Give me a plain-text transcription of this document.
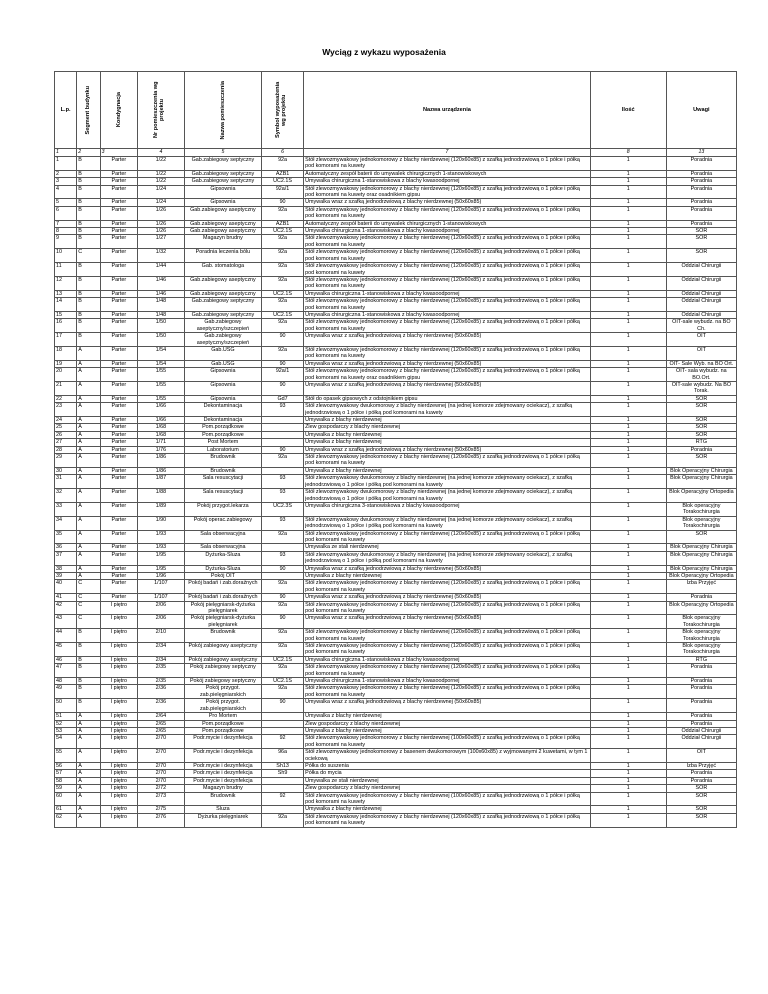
Wyciąg z wykazu wyposażenia
L.p.	Segment budynku	Kondygnacja	Nr pomieszczenia wg projektu	Nazwa pomieszczenia	Symbol wyposażenia wg projektu	Nazwa urządzenia	Ilość	Uwagi
1	2	3	4	5	6	7	8	13
1	B	Parter	1/22	Gab.zabiegowy septyczny	92a	Stół zlewozmywakowy jednokomorowy z blachy nierdzewnej (120x60x85) z szafką jednodrzwiową o 1 półce i półką pod komorami na kuwety	1	Poradnia
2	B	Parter	1/22	Gab.zabiegowy septyczny	AZB1	Automatyczny zespół baterii do umywalek chirurgicznych 1-stanowiskowych	1	Poradnia
3	B	Parter	1/22	Gab.zabiegowy septyczny	UC2.1S	Umywalka chirurgiczna 1-stanowiskowa z blachy kwasoodpornej	1	Poradnia
4	B	Parter	1/24	Gipsownia	92a/1	Stół zlewozmywakowy jednokomorowy z blachy nierdzewnej (120x60x85) z szafką jednodrzwiową o 1 półce i półką pod komorami na kuwety oraz osadnikiem gipsu	1	Poradnia
5	B	Parter	1/24	Gipsownia	90	Umywalka wraz z szafką jednodrzwiową z blachy nierdzewnej (50x60x85)	1	Poradnia
6	B	Parter	1/26	Gab.zabiegowy aseptyczny	92a	Stół zlewozmywakowy jednokomorowy z blachy nierdzewnej (120x60x85) z szafką jednodrzwiową o 1 półce i półką pod komorami na kuwety	1	Poradnia
7	B	Parter	1/26	Gab.zabiegowy aseptyczny	AZB1	Automatyczny zespół baterii do umywalek chirurgicznych 1-stanowiskowych	1	Poradnia
8	B	Parter	1/26	Gab.zabiegowy aseptyczny	UC2.1S	Umywalka chirurgiczna 1-stanowiskowa z blachy kwasoodpornej	1	SOR
9	B	Parter	1/27	Magazyn brudny	92a	Stół zlewozmywakowy jednokomorowy z blachy nierdzewnej (120x60x85) z szafką jednodrzwiową o 1 półce i półką pod komorami na kuwety	1	SOR
10	C	Parter	1/32	Poradnia leczenia bólu	92a	Stół zlewozmywakowy jednokomorowy z blachy nierdzewnej (120x60x85) z szafką jednodrzwiową o 1 półce i półką pod komorami na kuwety	1	SOR
11	B	Parter	1/44	Gab. stomatologa	92a	Stół zlewozmywakowy jednokomorowy z blachy nierdzewnej (120x60x85) z szafką jednodrzwiową o 1 półce i półką pod komorami na kuwety	1	Oddział Chirurgii
12	B	Parter	1/46	Gab.zabiegowy aseptyczny	92a	Stół zlewozmywakowy jednokomorowy z blachy nierdzewnej (120x60x85) z szafką jednodrzwiową o 1 półce i półką pod komorami na kuwety	1	Oddział Chirurgii
13	B	Parter	1/46	Gab.zabiegowy aseptyczny	UC2.1S	Umywalka chirurgiczna 1-stanowiskowa z blachy kwasoodpornej	1	Oddział Chirurgii
14	B	Parter	1/48	Gab.zabiegowy septyczny	92a	Stół zlewozmywakowy jednokomorowy z blachy nierdzewnej (120x60x85) z szafką jednodrzwiową o 1 półce i półką pod komorami na kuwety	1	Oddział Chirurgii
15	B	Parter	1/48	Gab.zabiegowy septyczny	UC2.1S	Umywalka chirurgiczna 1-stanowiskowa z blachy kwasoodpornej	1	Oddział Chirurgii
16	B	Parter	1/50	Gab.zabiegowy aseptyczny/szczepień	92a	Stół zlewozmywakowy jednokomorowy z blachy nierdzewnej (120x60x85) z szafką jednodrzwiową o 1 półce i półką pod komorami na kuwety	1	OIT-sale wybudz. na BO Ch.
17	B	Parter	1/50	Gab.zabiegowy aseptyczny/szczepień	90	Umywalka wraz z szafką jednodrzwiową z blachy nierdzewnej (50x60x85)	1	OIT
18	A	Parter	1/54	Gab.USG	92a	Stół zlewozmywakowy jednokomorowy z blachy nierdzewnej (120x60x85) z szafką jednodrzwiową o 1 półce i półką pod komorami na kuwety	1	OIT
19	A	Parter	1/54	Gab.USG	90	Umywalka wraz z szafką jednodrzwiową z blachy nierdzewnej (50x60x85)	1	OIT- Sale Wyb. na BO Ort.
20	A	Parter	1/55	Gipsownia	92a/1	Stół zlewozmywakowy jednokomorowy z blachy nierdzewnej (120x60x85) z szafką jednodrzwiową o 1 półce i półką pod komorami na kuwety oraz osadnikiem gipsu	1	OIT- sala wybudz. na BO.Ort.
21	A	Parter	1/55	Gipsownia	90	Umywalka wraz z szafką jednodrzwiową z blachy nierdzewnej (50x60x85)	1	OIT-sale wybudz. Na BO Torak.
22	A	Parter	1/55	Gipsownia	Gd7	Stół do opasek gipsowych z odstojnikiem gipsu	1	SOR
23	A	Parter	1/66	Dekontaminacja	93	Stół zlewozmywakowy dwukomorowy z blachy nierdzewnej (na jednej komorze zdejmowany ociekacz), z szafką jednodrzwiową o 1 półce i półką pod komorami na kuwety	1	SOR
24	A	Parter	1/66	Dekontaminacja		Umywalka z blachy nierdzewnej	1	SOR
25	A	Parter	1/68	Pom.porządkowe		Zlew gospodarczy z blachy nierdzewnej	1	SOR
26	A	Parter	1/68	Pom.porządkowe		Umywalka z blachy nierdzewnej	1	SOR
27	A	Parter	1/71	Post Mortem		Umywalka z blachy nierdzewnej	1	RTG
28	A	Parter	1/76	Laboratorium	90	Umywalka wraz z szafką jednodrzwiową z blachy nierdzewnej (50x60x85)	1	Poradnia
29	A	Parter	1/86	Brudownik	92a	Stół zlewozmywakowy jednokomorowy z blachy nierdzewnej (120x60x85) z szafką jednodrzwiową o 1 półce i półką pod komorami na kuwety	1	SOR
30	A	Parter	1/86	Brudownik		Umywalka z blachy nierdzewnej	1	Blok Operacyjny Chirurgia
31	A	Parter	1/87	Sala resuscytacji	93	Stół zlewozmywakowy dwukomorowy z blachy nierdzewnej (na jednej komorze zdejmowany ociekacz), z szafką jednodrzwiową o 1 półce i półką pod komorami na kuwety	1	Blok Operacyjny Chirurgia
32	A	Parter	1/88	Sala resuscytacji	93	Stół zlewozmywakowy dwukomorowy z blachy nierdzewnej (na jednej komorze zdejmowany ociekacz), z szafką jednodrzwiową o 1 półce i półką pod komorami na kuwety	1	Blok Operacyjny Ortopedia
33	A	Parter	1/89	Pokój przygot.lekarza	UC2.3S	Umywalka chirurgiczna 3-stanowiskowa z blachy kwasoodpornej	1	Blok operacyjny Torakochirurgia
34	A	Parter	1/90	Pokój operac.zabiegowy	93	Stół zlewozmywakowy dwukomorowy z blachy nierdzewnej (na jednej komorze zdejmowany ociekacz), z szafką jednodrzwiową o 1 półce i półką pod komorami na kuwety	1	Blok operacyjny Torakochirurgia
35	A	Parter	1/93	Sala obserwacyjna	92a	Stół zlewozmywakowy jednokomorowy z blachy nierdzewnej (120x60x85) z szafką jednodrzwiową o 1 półce i półką pod komorami na kuwety	1	SOR
36	A	Parter	1/93	Sala obserwacyjna		Umywalka ze stali nierdzewnej	1	Blok Operacyjny Chirurgia
37	A	Parter	1/95	Dyżurka-Śluza	93	Stół zlewozmywakowy dwukomorowy z blachy nierdzewnej (na jednej komorze zdejmowany ociekacz), z szafką jednodrzwiową o 1 półce i półką pod komorami na kuwety	1	Blok Operacyjny Chirurgia
38	A	Parter	1/95	Dyżurka-Śluza	90	Umywalka wraz z szafką jednodrzwiową z blachy nierdzewnej (50x60x85)	1	Blok Operacyjny Chirurgia
39	A	Parter	1/96	Pokój OIT		Umywalka z blachy nierdzewnej	1	Blok Operacyjny Ortopedia
40	C	Parter	1/107	Pokój badań i zab.doraźnych	92a	Stół zlewozmywakowy jednokomorowy z blachy nierdzewnej (120x60x85) z szafką jednodrzwiową o 1 półce i półką pod komorami na kuwety	1	Izba Przyjęć
41	C	Parter	1/107	Pokój badań i zab.doraźnych	90	Umywalka wraz z szafką jednodrzwiową z blachy nierdzewnej (50x60x85)	1	Poradnia
42	C	I piętro	2/06	Pokój pielęgniarsk-dyżurka pielęgniarek	92a	Stół zlewozmywakowy jednokomorowy z blachy nierdzewnej (120x60x85) z szafką jednodrzwiową o 1 półce i półką pod komorami na kuwety	1	Blok Operacyjny Ortopedia
43	C	I piętro	2/06	Pokój pielęgniarsk-dyżurka pielęgniarek	90	Umywalka wraz z szafką jednodrzwiową z blachy nierdzewnej (50x60x85)	1	Blok operacyjny Torakochirurgia
44	B	I piętro	2/10	Brudownik	92a	Stół zlewozmywakowy jednokomorowy z blachy nierdzewnej (120x60x85) z szafką jednodrzwiową o 1 półce i półką pod komorami na kuwety	1	Blok operacyjny Torakochirurgia
45	B	I piętro	2/34	Pokój zabiegowy aseptyczny	92a	Stół zlewozmywakowy jednokomorowy z blachy nierdzewnej (120x60x85) z szafką jednodrzwiową o 1 półce i półką pod komorami na kuwety	1	Blok operacyjny Torakochirurgia
46	B	I piętro	2/34	Pokój zabiegowy aseptyczny	UC2.1S	Umywalka chirurgiczna 1-stanowiskowa z blachy kwasoodpornej	1	RTG
47	B	I piętro	2/35	Pokój zabiegowy septyczny	92a	Stół zlewozmywakowy jednokomorowy z blachy nierdzewnej (120x60x85) z szafką jednodrzwiową o 1 półce i półką pod komorami na kuwety	1	Poradnia
48	B	I piętro	2/35	Pokój zabiegowy septyczny	UC2.1S	Umywalka chirurgiczna 1-stanowiskowa z blachy kwasoodpornej	1	Poradnia
49	B	I piętro	2/36	Pokój przygot. zab.pielęgniarskich	92a	Stół zlewozmywakowy jednokomorowy z blachy nierdzewnej (120x60x85) z szafką jednodrzwiową o 1 półce i półką pod komorami na kuwety	1	Poradnia
50	B	I piętro	2/36	Pokój przygot. zab.pielęgniarskich	90	Umywalka wraz z szafką jednodrzwiową z blachy nierdzewnej (50x60x85)	1	Poradnia
51	A	I piętro	2/64	Pro Mortem		Umywalka z blachy nierdzewnej	1	Poradnia
52	A	I piętro	2/65	Pom.porządkowe		Zlew gospodarczy z blachy nierdzewnej	1	Poradnia
53	A	I piętro	2/65	Pom.porządkowe		Umywalka z blachy nierdzewnej	1	Oddział Chirurgii
54	A	I piętro	2/70	Podr.mycie i dezynfekcja	92	Stół zlewozmywakowy jednokomorowy z blachy nierdzewnej (100x60x85) z szafką jednodrzwiową o 1 półce i półką pod komorami na kuwety	1	Oddział Chirurgii
55	A	I piętro	2/70	Podr.mycie i dezynfekcja	96a	Stół zlewozmywakowy jednokomorowy z basenem dwukomorowym (100x60x85) z wyjmowanymi 2 kuwetami, w tym 1 ociekową	1	OIT
56	A	I piętro	2/70	Podr.mycie i dezynfekcja	Sh13	Półka do suszenia	1	Izba Przyjęć
57	A	I piętro	2/70	Podr.mycie i dezynfekcja	Sh9	Półka do mycia	1	Poradnia
58	A	I piętro	2/70	Podr.mycie i dezynfekcja		Umywalka ze stali nierdzewnej	1	Poradnia
59	A	I piętro	2/72	Magazyn brudny		Zlew gospodarczy z blachy nierdzewnej	1	SOR
60	A	I piętro	2/73	Brudownik	92	Stół zlewozmywakowy jednokomorowy z blachy nierdzewnej (100x60x85) z szafką jednodrzwiową o 1 półce i półką pod komorami na kuwety	1	SOR
61	A	I piętro	2/75	Śluza		Umywalka z blachy nierdzewnej	1	SOR
62	A	I piętro	2/76	Dyżurka pielęgniarek	92a	Stół zlewozmywakowy jednokomorowy z blachy nierdzewnej (120x60x85) z szafką jednodrzwiową o 1 półce i półką pod komorami na kuwety	1	SOR
